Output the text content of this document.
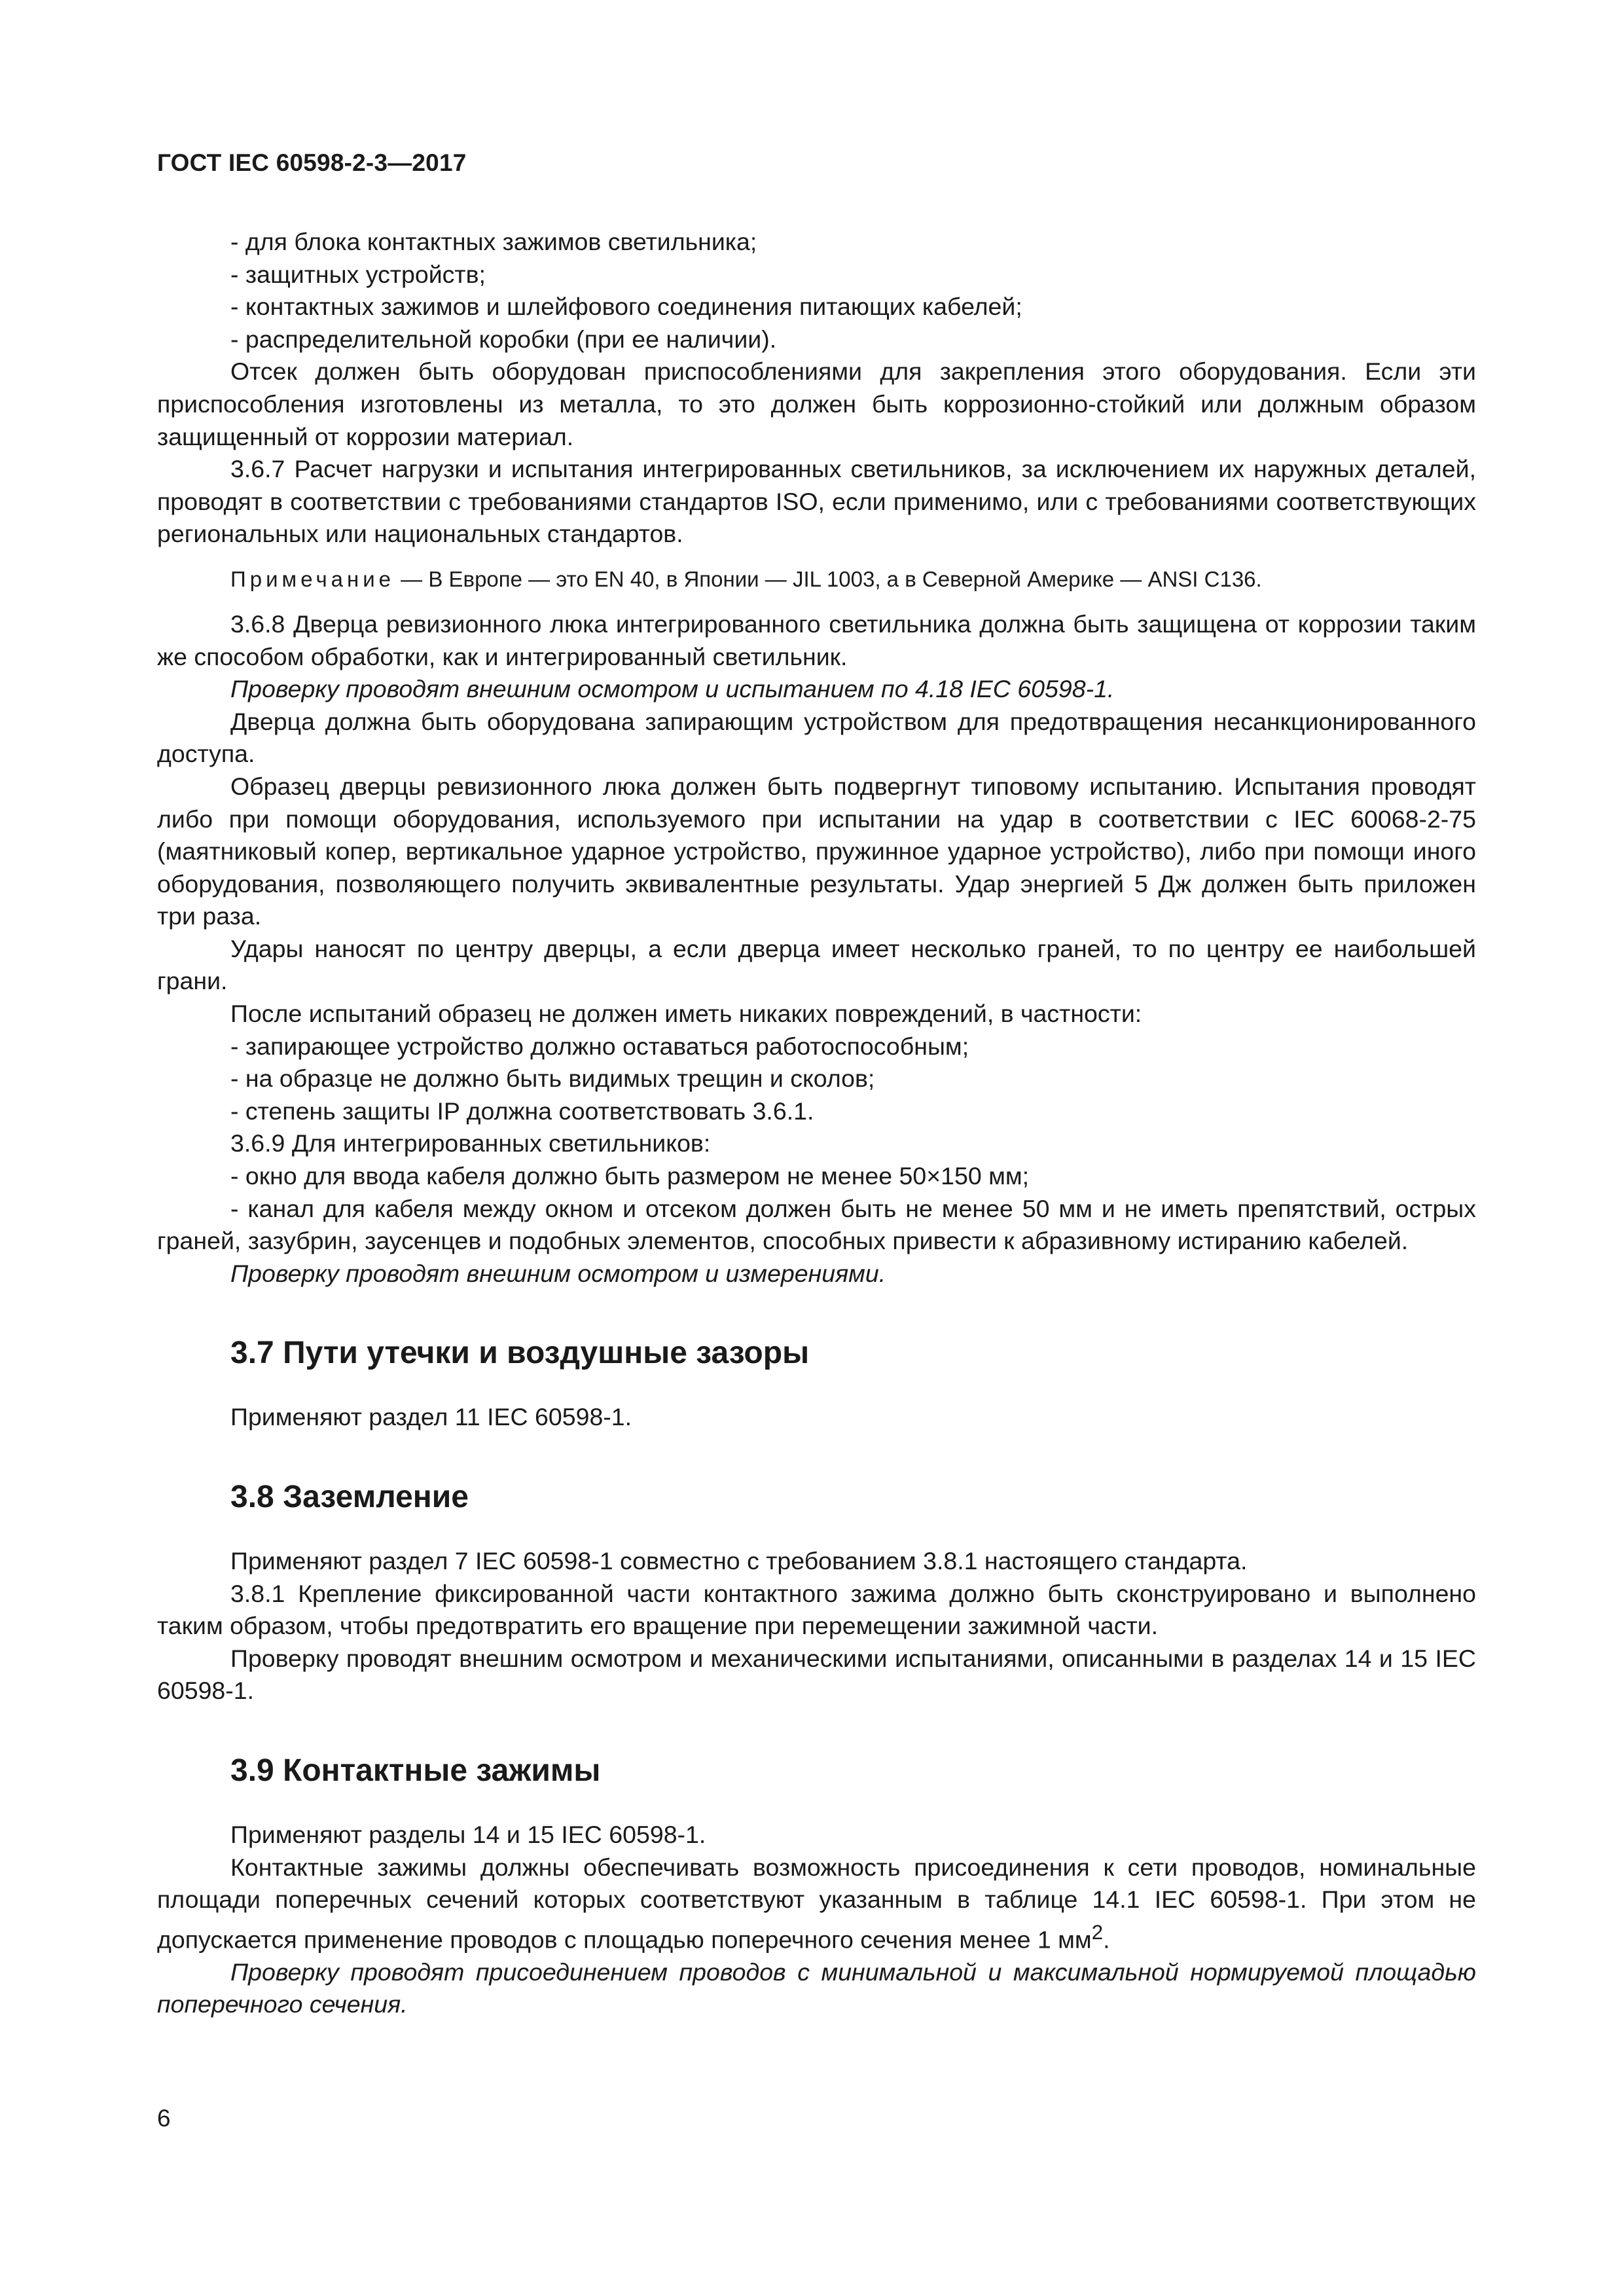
ГОСТ IEC 60598-2-3—2017

- для блока контактных зажимов светильника;

- защитных устройств;

- контактных зажимов и шлейфового соединения питающих кабелей;

- распределительной коробки (при ее наличии).

Отсек должен быть оборудован приспособлениями для закрепления этого оборудования. Если эти приспособления изготовлены из металла, то это должен быть коррозионно-стойкий или должным образом защищенный от коррозии материал.

3.6.7 Расчет нагрузки и испытания интегрированных светильников, за исключением их наружных деталей, проводят в соответствии с требованиями стандартов ISO, если применимо, или с требованиями соответствующих региональных или национальных стандартов.

Примечание — В Европе — это EN 40, в Японии — JIL 1003, а в Северной Америке — ANSI C136.

3.6.8 Дверца ревизионного люка интегрированного светильника должна быть защищена от коррозии таким же способом обработки, как и интегрированный светильник.

Проверку проводят внешним осмотром и испытанием по 4.18 IEC 60598-1.

Дверца должна быть оборудована запирающим устройством для предотвращения несанкционированного доступа.

Образец дверцы ревизионного люка должен быть подвергнут типовому испытанию. Испытания проводят либо при помощи оборудования, используемого при испытании на удар в соответствии с IEC 60068-2-75 (маятниковый копер, вертикальное ударное устройство, пружинное ударное устройство), либо при помощи иного оборудования, позволяющего получить эквивалентные результаты. Удар энергией 5 Дж должен быть приложен три раза.

Удары наносят по центру дверцы, а если дверца имеет несколько граней, то по центру ее наибольшей грани.

После испытаний образец не должен иметь никаких повреждений, в частности:

- запирающее устройство должно оставаться работоспособным;

- на образце не должно быть видимых трещин и сколов;

- степень защиты IP должна соответствовать 3.6.1.

3.6.9 Для интегрированных светильников:

- окно для ввода кабеля должно быть размером не менее 50×150 мм;

- канал для кабеля между окном и отсеком должен быть не менее 50 мм и не иметь препятствий, острых граней, зазубрин, заусенцев и подобных элементов, способных привести к абразивному истиранию кабелей.

Проверку проводят внешним осмотром и измерениями.

3.7 Пути утечки и воздушные зазоры

Применяют раздел 11 IEC 60598-1.

3.8 Заземление

Применяют раздел 7 IEC 60598-1 совместно с требованием 3.8.1 настоящего стандарта.

3.8.1 Крепление фиксированной части контактного зажима должно быть сконструировано и выполнено таким образом, чтобы предотвратить его вращение при перемещении зажимной части.

Проверку проводят внешним осмотром и механическими испытаниями, описанными в разделах 14 и 15 IEC 60598-1.

3.9 Контактные зажимы

Применяют разделы 14 и 15 IEC 60598-1.

Контактные зажимы должны обеспечивать возможность присоединения к сети проводов, номинальные площади поперечных сечений которых соответствуют указанным в таблице 14.1 IEC 60598-1. При этом не допускается применение проводов с площадью поперечного сечения менее 1 $мм^2$.

Проверку проводят присоединением проводов с минимальной и максимальной нормируемой площадью поперечного сечения.

6
